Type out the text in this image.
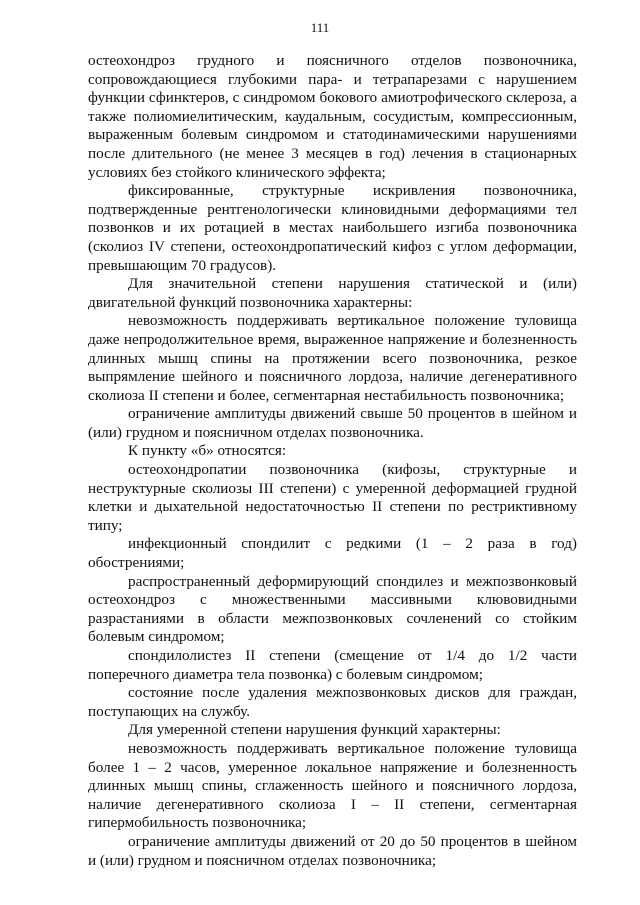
111

остеохондроз грудного и поясничного отделов позвоночника, сопровождающиеся глубокими пара- и тетрапарезами с нарушением функции сфинктеров, с синдромом бокового амиотрофического склероза, а также полиомиелитическим, каудальным, сосудистым, компрессионным, выраженным болевым синдромом и статодинамическими нарушениями после длительного (не менее 3 месяцев в год) лечения в стационарных условиях без стойкого клинического эффекта;

фиксированные, структурные искривления позвоночника, подтвержденные рентгенологически клиновидными деформациями тел позвонков и их ротацией в местах наибольшего изгиба позвоночника (сколиоз IV степени, остеохондропатический кифоз с углом деформации, превышающим 70 градусов).

Для значительной степени нарушения статической и (или) двигательной функций позвоночника характерны:

невозможность поддерживать вертикальное положение туловища даже непродолжительное время, выраженное напряжение и болезненность длинных мышц спины на протяжении всего позвоночника, резкое выпрямление шейного и поясничного лордоза, наличие дегенеративного сколиоза II степени и более, сегментарная нестабильность позвоночника;

ограничение амплитуды движений свыше 50 процентов в шейном и (или) грудном и поясничном отделах позвоночника.

К пункту «б» относятся:

остеохондропатии позвоночника (кифозы, структурные и неструктурные сколиозы III степени) с умеренной деформацией грудной клетки и дыхательной недостаточностью II степени по рестриктивному типу;

инфекционный спондилит с редкими (1 – 2 раза в год) обострениями;

распространенный деформирующий спондилез и межпозвонковый остеохондроз с множественными массивными клювовидными разрастаниями в области межпозвонковых сочленений со стойким болевым синдромом;

спондилолистез II степени (смещение от 1/4 до 1/2 части поперечного диаметра тела позвонка) с болевым синдромом;

состояние после удаления межпозвонковых дисков для граждан, поступающих на службу.

Для умеренной степени нарушения функций характерны:

невозможность поддерживать вертикальное положение туловища более 1 – 2 часов, умеренное локальное напряжение и болезненность длинных мышц спины, сглаженность шейного и поясничного лордоза, наличие дегенеративного сколиоза I – II степени, сегментарная гипермобильность позвоночника;

ограничение амплитуды движений от 20 до 50 процентов в шейном и (или) грудном и поясничном отделах позвоночника;
